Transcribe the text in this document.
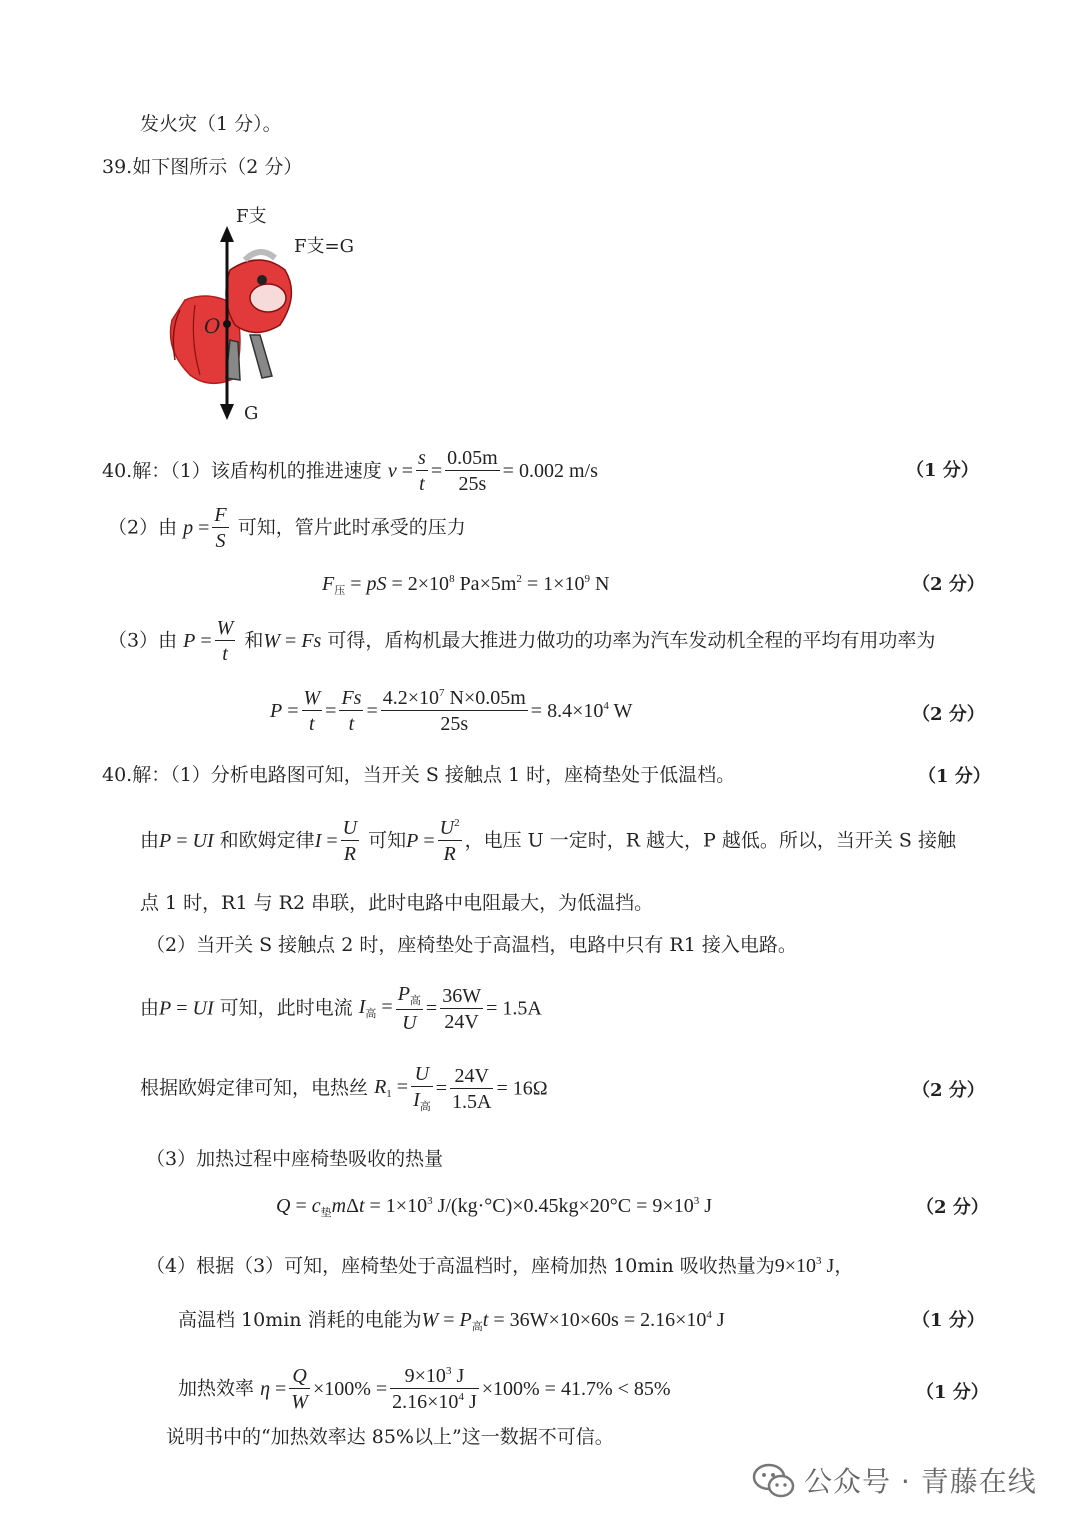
发火灾（1 分）。
39.如下图所示（2 分）
F支
F支=G
O
G
40.解：（1）该盾构机的推进速度 $v = \frac{s}{t} = \frac{0.05m}{25s} = 0.002$ m/s	（1 分）
（2）由 $p = \frac{F}{S}$ 可知，管片此时承受的压力
$F_压$ = pS = $2\times 10^8$ $Pa\times 5m^2 = 1\times 10^9$ N	（2 分）
（3）由 $P = \frac{W}{t}$ 和W = Fs 可得，盾构机最大推进力做功的功率为汽车发动机全程的平均有用功率为
$P = \frac{W}{t} = \frac{Fs}{t} = \frac{4.2\times 10^7 N\times 0.05m}{25s} = 8.4\times 10^4$ W	（2 分）
40.解：（1）分析电路图可知，当开关 S 接触点 1 时，座椅垫处于低温档。	（1 分）
由P = UI 和欧姆定律$I = \frac{U}{R}$ 可知$P = \frac{U^2}{R}$ ，电压 U 一定时，R 越大，P 越低。所以，当开关 S 接触
点 1 时，R1 与 R2 串联，此时电路中电阻最大，为低温挡。
（2）当开关 S 接触点 2 时，座椅垫处于高温档，电路中只有 R1 接入电路。
由P = UI 可知，此时电流 $I_高 = \frac{P_高}{U} = \frac{36W}{24V} = 1.5A$
根据欧姆定律可知，电热丝 $R_1 = \frac{U}{I_高} = \frac{24V}{1.5A} = 16\Omega$	（2 分）
（3）加热过程中座椅垫吸收的热量
$Q = c_垫m\Delta t = 1\times 10^3$ $J/(kg\cdot^\circ C)\times 0.45kg\times 20^\circ C = 9\times 10^3$ J	（2 分）
（4）根据（3）可知，座椅垫处于高温档时，座椅加热 10min 吸收热量为$9\times 10^3$ J，
高温档 10min 消耗的电能为$W = P_高t = 36W\times 10\times 60s = 2.16\times 10^4$ J	（1 分）
加热效率 $\eta = \frac{Q}{W} \times 100\% = \frac{9\times 10^3 J}{2.16\times 10^4 J} \times 100\% = 41.7\% < 85\%$	（1 分）
说明书中的“加热效率达 85%以上”这一数据不可信。
公众号 · 青藤在线
